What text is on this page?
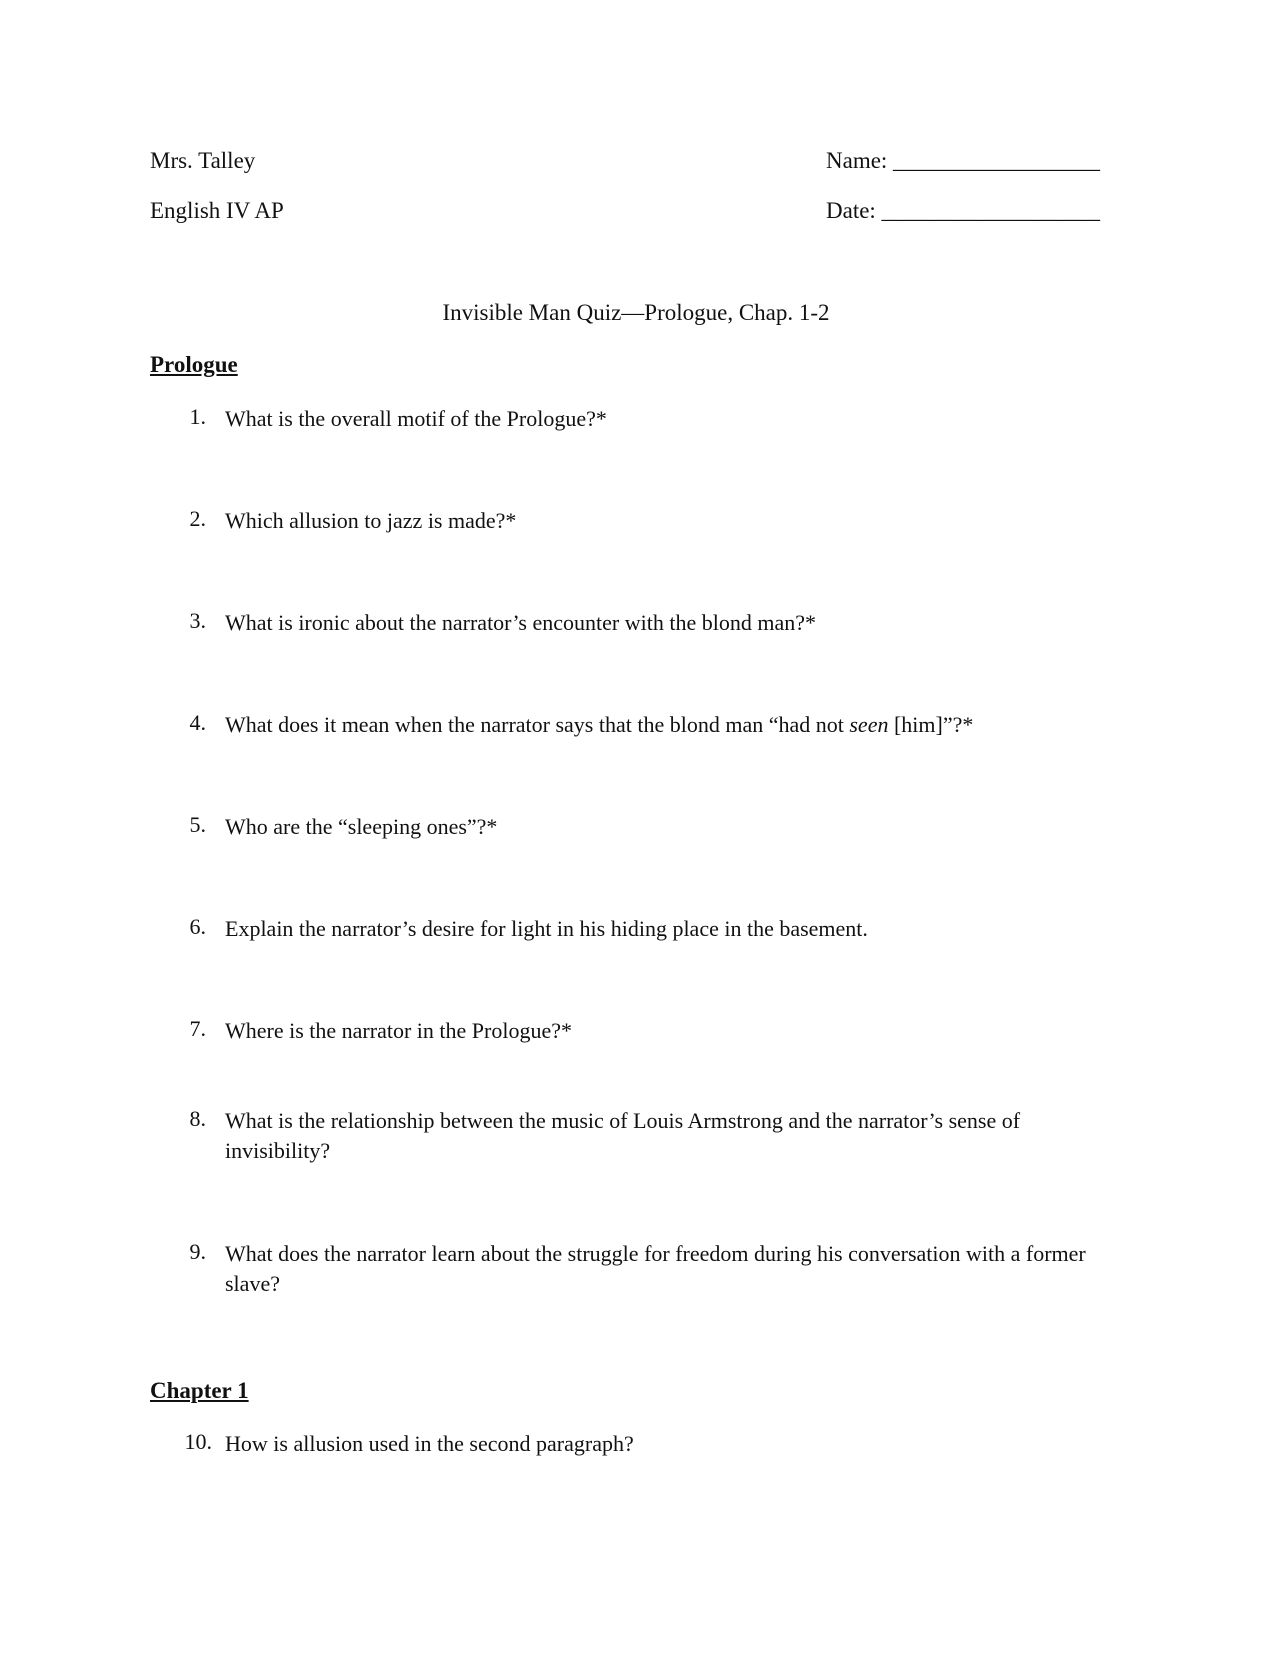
Mrs. Talley
English IV AP
Name: __________________
Date: ___________________
Invisible Man Quiz—Prologue, Chap. 1-2
Prologue
1. What is the overall motif of the Prologue?*
2. Which allusion to jazz is made?*
3. What is ironic about the narrator’s encounter with the blond man?*
4. What does it mean when the narrator says that the blond man “had not seen [him]”?*
5. Who are the “sleeping ones”?*
6. Explain the narrator’s desire for light in his hiding place in the basement.
7. Where is the narrator in the Prologue?*
8. What is the relationship between the music of Louis Armstrong and the narrator’s sense of invisibility?
9. What does the narrator learn about the struggle for freedom during his conversation with a former slave?
Chapter 1
10. How is allusion used in the second paragraph?
